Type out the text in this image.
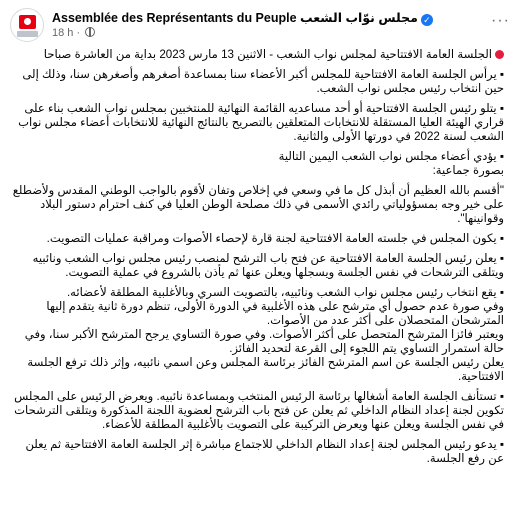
Assemblée des Représentants du Peuple مجلس نوّاب الشعب ✓
18 h ·
···

الجلسة العامة الافتتاحية لمجلس نواب الشعب - الاثنين 13 مارس 2023 بداية من العاشرة صباحا

▪ يرأس الجلسة العامة الافتتاحية للمجلس أكبر الأعضاء سنا بمساعدة أصغرهم وأصغرهن سنا، وذلك إلى حين انتخاب رئيس مجلس نواب الشعب.

▪ يتلو رئيس الجلسة الافتتاحية أو أحد مساعديه القائمة النهائية للمنتخبين بمجلس نواب الشعب بناء على قراري الهيئة العليا المستقلة للانتخابات المتعلقين بالتصريح بالنتائج النهائية للانتخابات أعضاء مجلس نواب الشعب لسنة 2022 في دورتها الأولى والثانية.

▪ يؤدي أعضاء مجلس نواب الشعب اليمين التالية
بصورة جماعية:

"أقسم بالله العظيم أن أبذل كل ما في وسعي في إخلاص وتفان لأقوم بالواجب الوطني المقدس ولأضطلع على خير وجه بمسؤولياتي رائدي الأسمى في ذلك مصلحة الوطن العليا في كنف احترام دستور البلاد وقوانينها".

▪ يكون المجلس في جلسته العامة الافتتاحية لجنة قارة لإحصاء الأصوات ومراقبة عمليات التصويت.

▪ يعلن رئيس الجلسة العامة الافتتاحية عن فتح باب الترشح لمنصب رئيس مجلس نواب الشعب ونائبيه ويتلقى الترشحات في نفس الجلسة ويسجلها ويعلن عنها ثم يأذن بالشروع في عملية التصويت.

▪ يقع انتخاب رئيس مجلس نواب الشعب ونائبيه، بالتصويت السري وبالأغلبية المطلقة لأعضائه.
وفي صورة عدم حصول أي مترشح على هذه الأغلبية في الدورة الأولى، تنظم دورة ثانية يتقدم إليها المترشحان المتحصلان على أكثر عدد من الأصوات.
ويعتبر فائزا المترشح المتحصل على أكثر الأصوات. وفي صورة التساوي يرجح المترشح الأكبر سنا، وفي حالة استمرار التساوي يتم اللجوء إلى القرعة لتحديد الفائز.
يعلن رئيس الجلسة عن اسم المترشح الفائز برئاسة المجلس وعن اسمي نائبيه، وإثر ذلك ترفع الجلسة الافتتاحية.

▪ تستأنف الجلسة العامة أشغالها برئاسة الرئيس المنتخب وبمساعدة نائبيه. ويعرض الرئيس على المجلس تكوين لجنة إعداد النظام الداخلي ثم يعلن عن فتح باب الترشح لعضوية اللجنة المذكورة ويتلقى الترشحات في نفس الجلسة ويعلن عنها ويعرض التركيبة على التصويت بالأغلبية المطلقة للأعضاء.

▪ يدعو رئيس المجلس لجنة إعداد النظام الداخلي للاجتماع مباشرة إثر الجلسة العامة الافتتاحية ثم يعلن عن رفع الجلسة.
